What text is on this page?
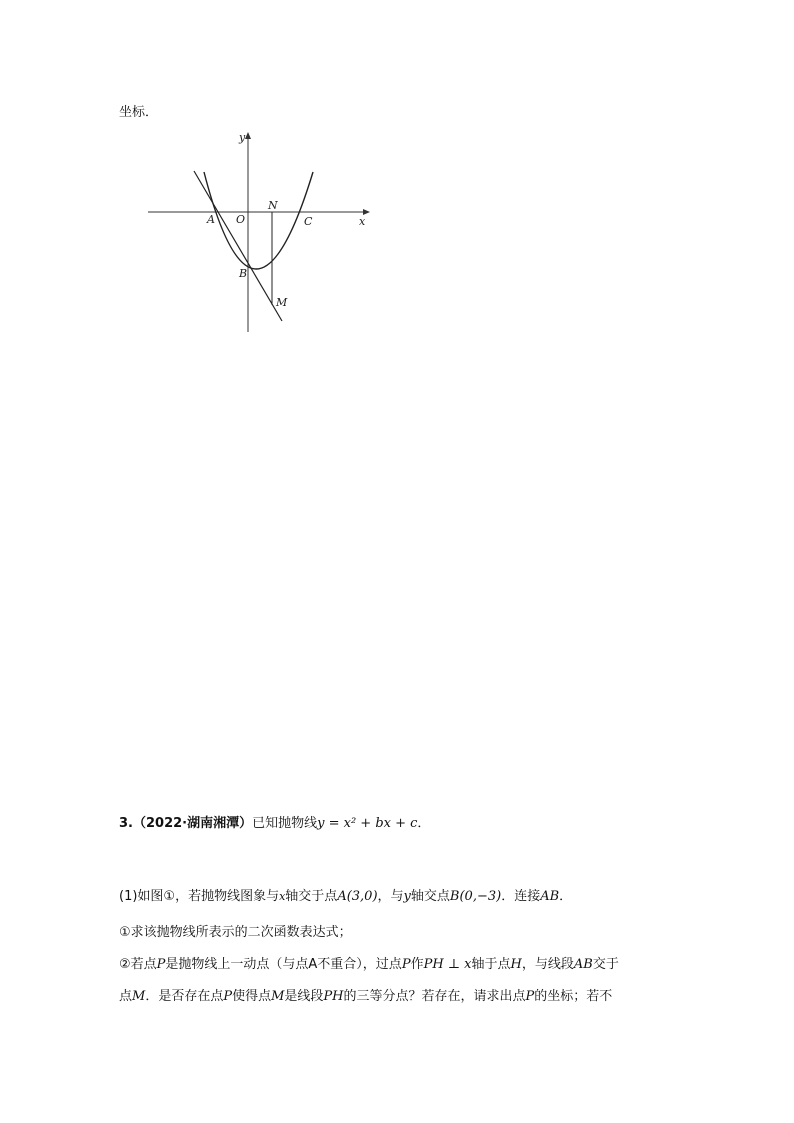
坐标．
y
x
O
A
N
C
B
M
3.（2022·湖南湘潭）已知抛物线y = x² + bx + c．
(1)如图①，若抛物线图象与x轴交于点A(3,0)，与y轴交点B(0,−3)．连接AB．
①求该抛物线所表示的二次函数表达式；
②若点P是抛物线上一动点（与点A不重合），过点P作PH ⊥ x轴于点H，与线段AB交于
点M．是否存在点P使得点M是线段PH的三等分点？若存在，请求出点P的坐标；若不
